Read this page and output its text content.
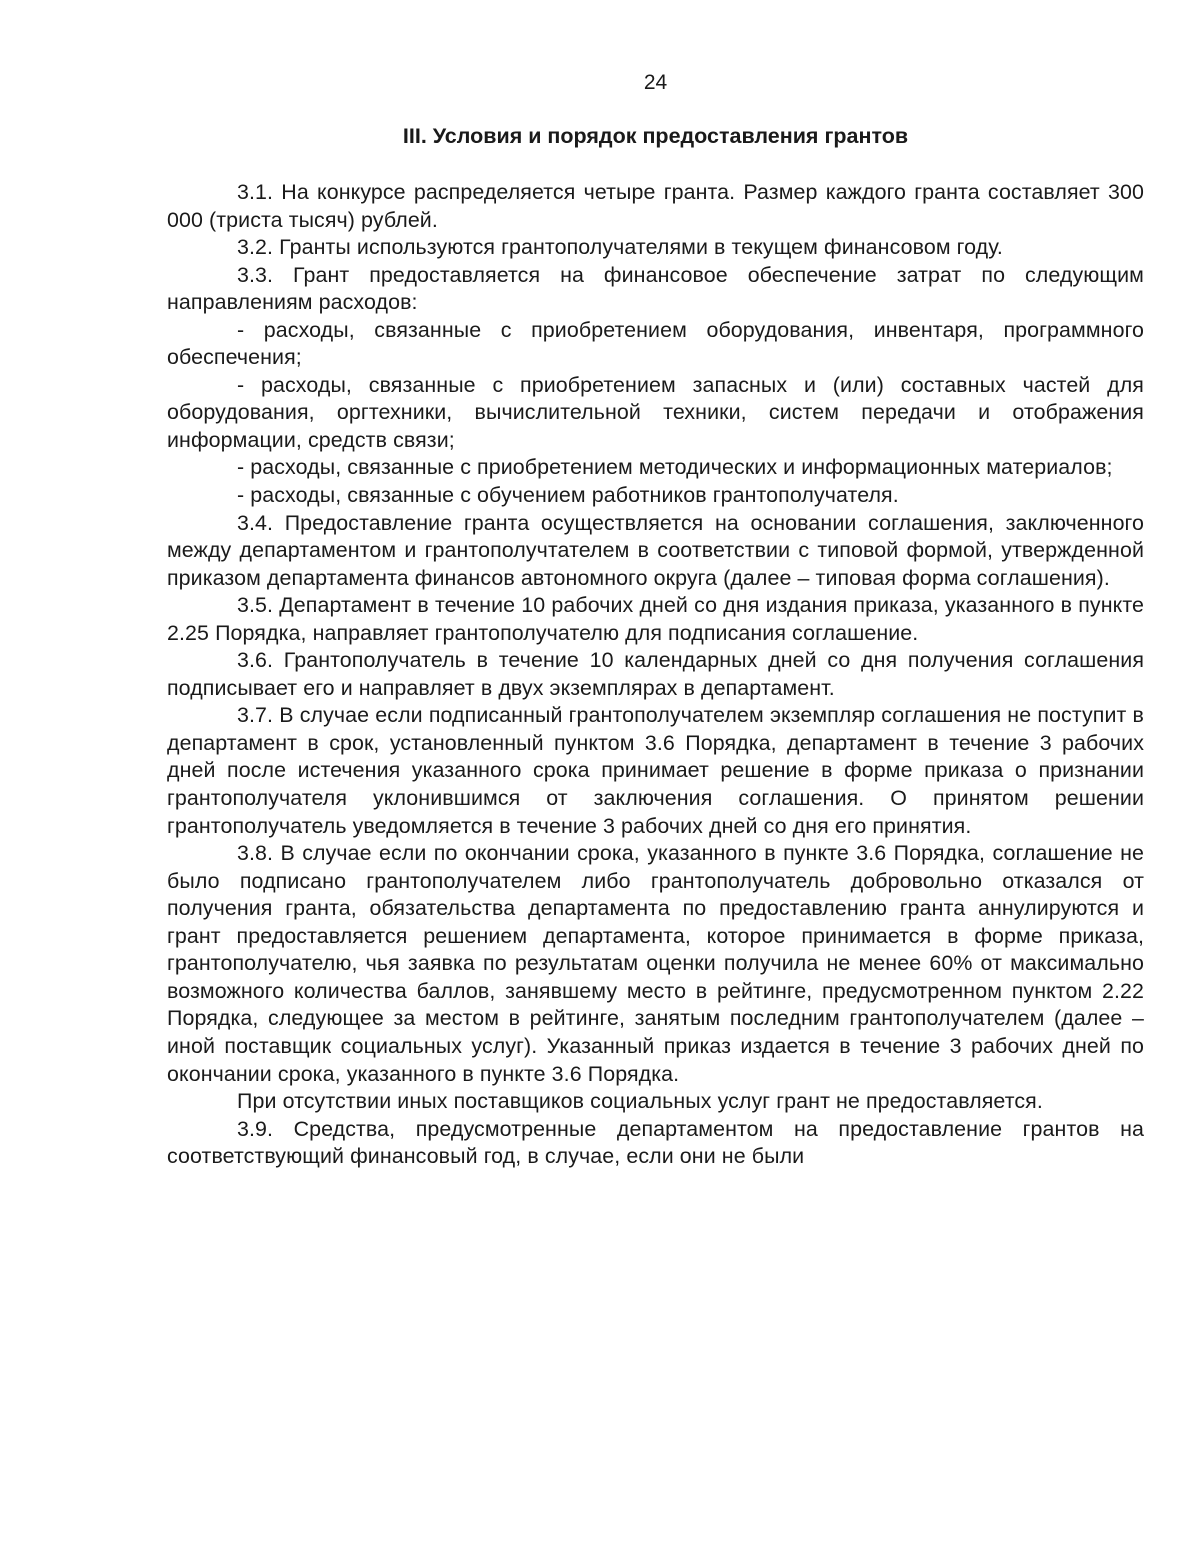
24
III. Условия и порядок предоставления грантов

3.1. На конкурсе распределяется четыре гранта. Размер каждого гранта составляет 300 000 (триста тысяч) рублей.

3.2. Гранты используются грантополучателями в текущем финансовом году.

3.3. Грант предоставляется на финансовое обеспечение затрат по следующим направлениям расходов:

- расходы, связанные с приобретением оборудования, инвентаря, программного обеспечения;

- расходы, связанные с приобретением запасных и (или) составных частей для оборудования, оргтехники, вычислительной техники, систем передачи и отображения информации, средств связи;

- расходы, связанные с приобретением методических и информационных материалов;

- расходы, связанные с обучением работников грантополучателя.

3.4. Предоставление гранта осуществляется на основании соглашения, заключенного между департаментом и грантополучтателем в соответствии с типовой формой, утвержденной приказом департамента финансов автономного округа (далее – типовая форма соглашения).

3.5. Департамент в течение 10 рабочих дней со дня издания приказа, указанного в пункте 2.25 Порядка, направляет грантополучателю для подписания соглашение.

3.6. Грантополучатель в течение 10 календарных дней со дня получения соглашения подписывает его и направляет в двух экземплярах в департамент.

3.7. В случае если подписанный грантополучателем экземпляр соглашения не поступит в департамент в срок, установленный пунктом 3.6 Порядка, департамент в течение 3 рабочих дней после истечения указанного срока принимает решение в форме приказа о признании грантополучателя уклонившимся от заключения соглашения. О принятом решении грантополучатель уведомляется в течение 3 рабочих дней со дня его принятия.

3.8. В случае если по окончании срока, указанного в пункте 3.6 Порядка, соглашение не было подписано грантополучателем либо грантополучатель добровольно отказался от получения гранта, обязательства департамента по предоставлению гранта аннулируются и грант предоставляется решением департамента, которое принимается в форме приказа, грантополучателю, чья заявка по результатам оценки получила не менее 60% от максимально возможного количества баллов, занявшему место в рейтинге, предусмотренном пунктом 2.22 Порядка, следующее за местом в рейтинге, занятым последним грантополучателем (далее – иной поставщик социальных услуг). Указанный приказ издается в течение 3 рабочих дней по окончании срока, указанного в пункте 3.6 Порядка.

При отсутствии иных поставщиков социальных услуг грант не предоставляется.

3.9. Средства, предусмотренные департаментом на предоставление грантов на соответствующий финансовый год, в случае, если они не были
